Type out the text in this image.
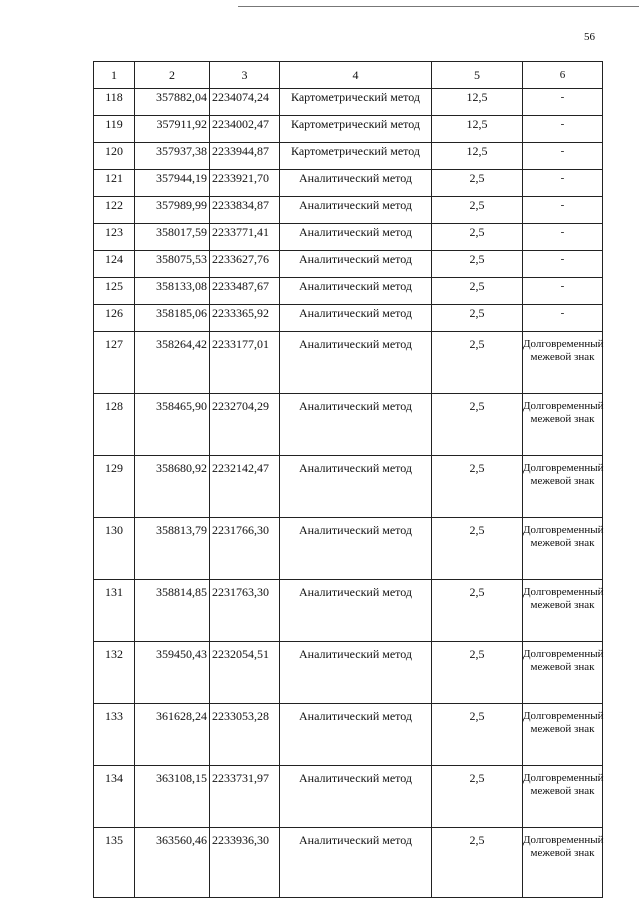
56
1	2	3	4	5	6
118	357882,04	2234074,24	Картометрический метод	12,5	-
119	357911,92	2234002,47	Картометрический метод	12,5	-
120	357937,38	2233944,87	Картометрический метод	12,5	-
121	357944,19	2233921,70	Аналитический метод	2,5	-
122	357989,99	2233834,87	Аналитический метод	2,5	-
123	358017,59	2233771,41	Аналитический метод	2,5	-
124	358075,53	2233627,76	Аналитический метод	2,5	-
125	358133,08	2233487,67	Аналитический метод	2,5	-
126	358185,06	2233365,92	Аналитический метод	2,5	-
127	358264,42	2233177,01	Аналитический метод	2,5	Долговременный межевой знак
128	358465,90	2232704,29	Аналитический метод	2,5	Долговременный межевой знак
129	358680,92	2232142,47	Аналитический метод	2,5	Долговременный межевой знак
130	358813,79	2231766,30	Аналитический метод	2,5	Долговременный межевой знак
131	358814,85	2231763,30	Аналитический метод	2,5	Долговременный межевой знак
132	359450,43	2232054,51	Аналитический метод	2,5	Долговременный межевой знак
133	361628,24	2233053,28	Аналитический метод	2,5	Долговременный межевой знак
134	363108,15	2233731,97	Аналитический метод	2,5	Долговременный межевой знак
135	363560,46	2233936,30	Аналитический метод	2,5	Долговременный межевой знак
